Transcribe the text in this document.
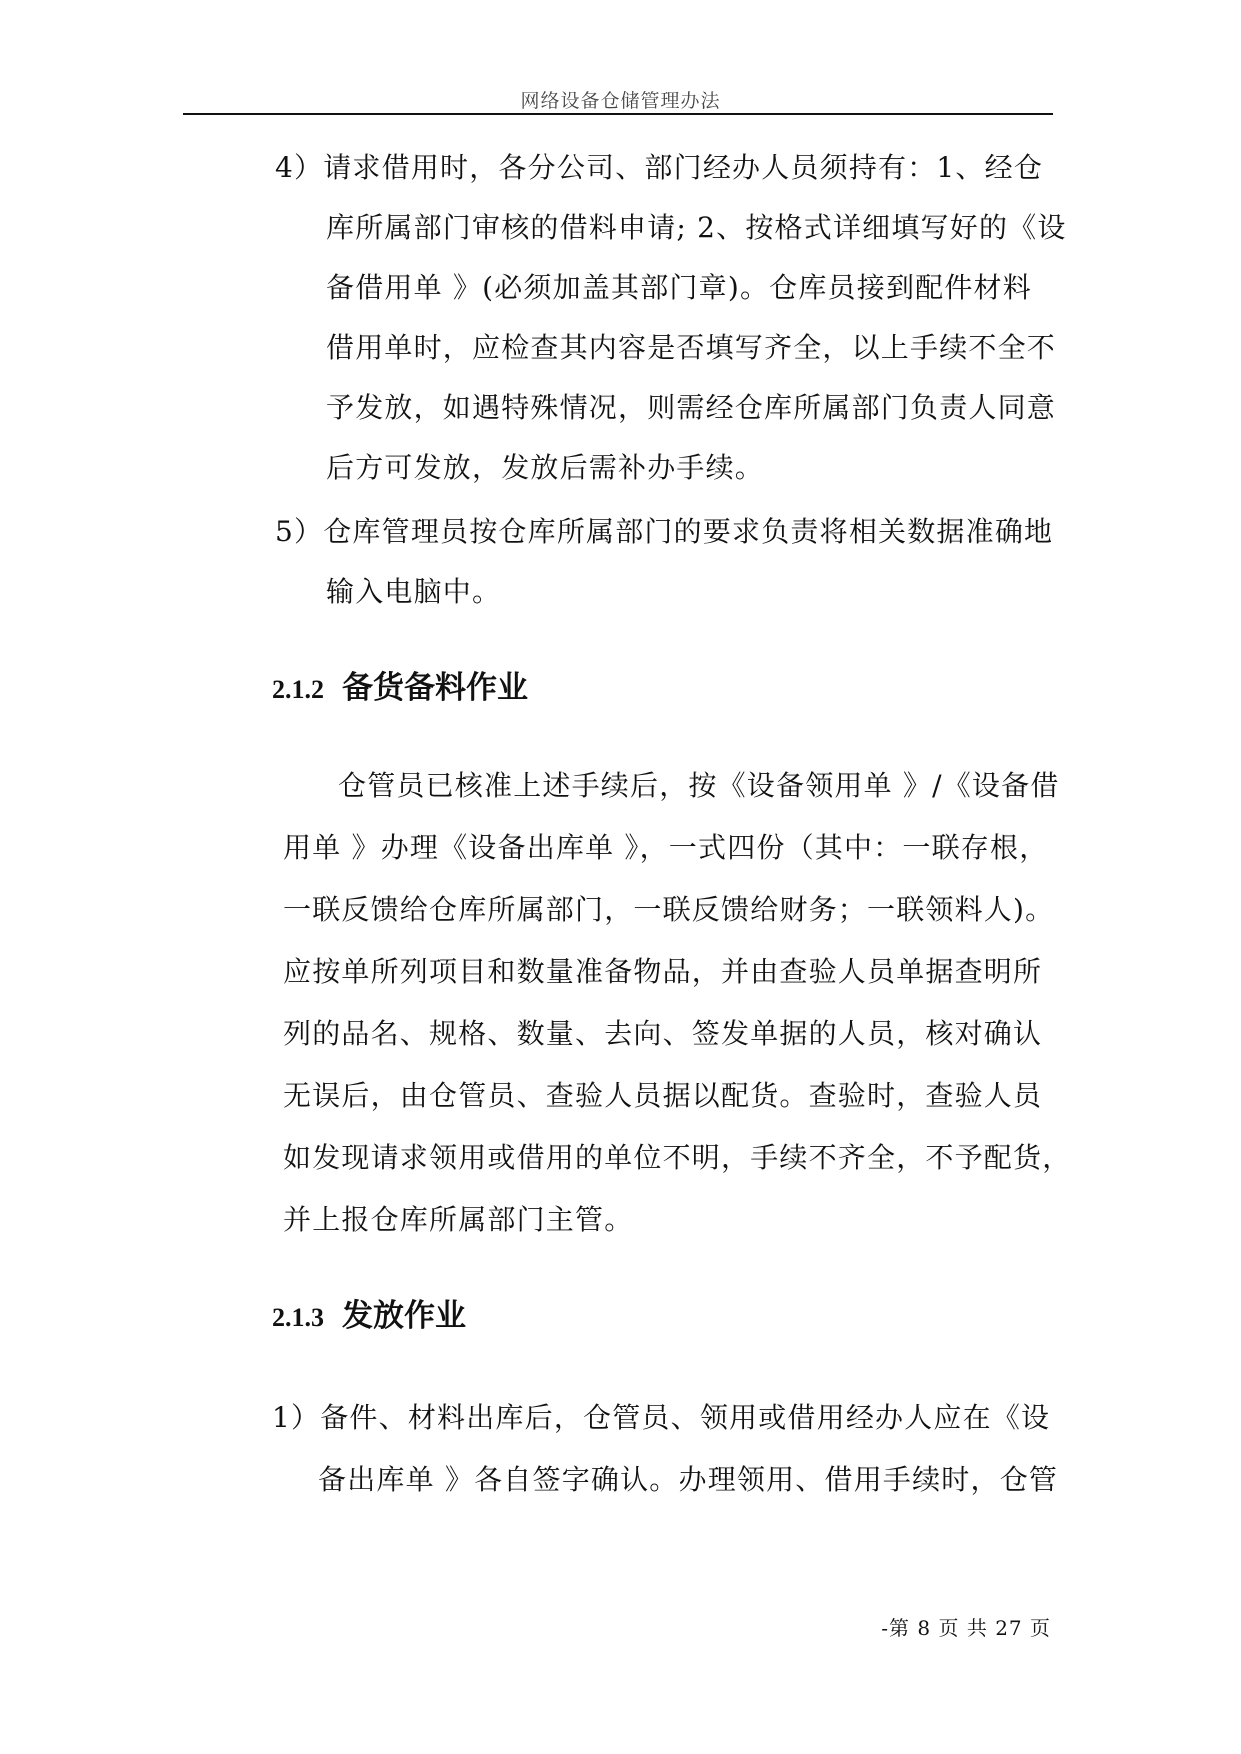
网络设备仓储管理办法
4）请求借用时，各分公司、部门经办人员须持有：1、经仓
库所属部门审核的借料申请; 2、按格式详细填写好的《设
备借用单 》(必须加盖其部门章)。仓库员接到配件材料
借用单时，应检查其内容是否填写齐全，以上手续不全不
予发放，如遇特殊情况，则需经仓库所属部门负责人同意
后方可发放，发放后需补办手续。
5）仓库管理员按仓库所属部门的要求负责将相关数据准确地
输入电脑中。
2.1.2 备货备料作业
仓管员已核准上述手续后，按《设备领用单 》/《设备借
用单 》办理《设备出库单 》，一式四份（其中：一联存根，
一联反馈给仓库所属部门，一联反馈给财务；一联领料人)。
应按单所列项目和数量准备物品，并由查验人员单据查明所
列的品名、规格、数量、去向、签发单据的人员，核对确认
无误后，由仓管员、查验人员据以配货。查验时，查验人员
如发现请求领用或借用的单位不明，手续不齐全，不予配货，
并上报仓库所属部门主管。
2.1.3 发放作业
1）备件、材料出库后，仓管员、领用或借用经办人应在《设
备出库单 》各自签字确认。办理领用、借用手续时，仓管
-第 8 页 共 27 页
